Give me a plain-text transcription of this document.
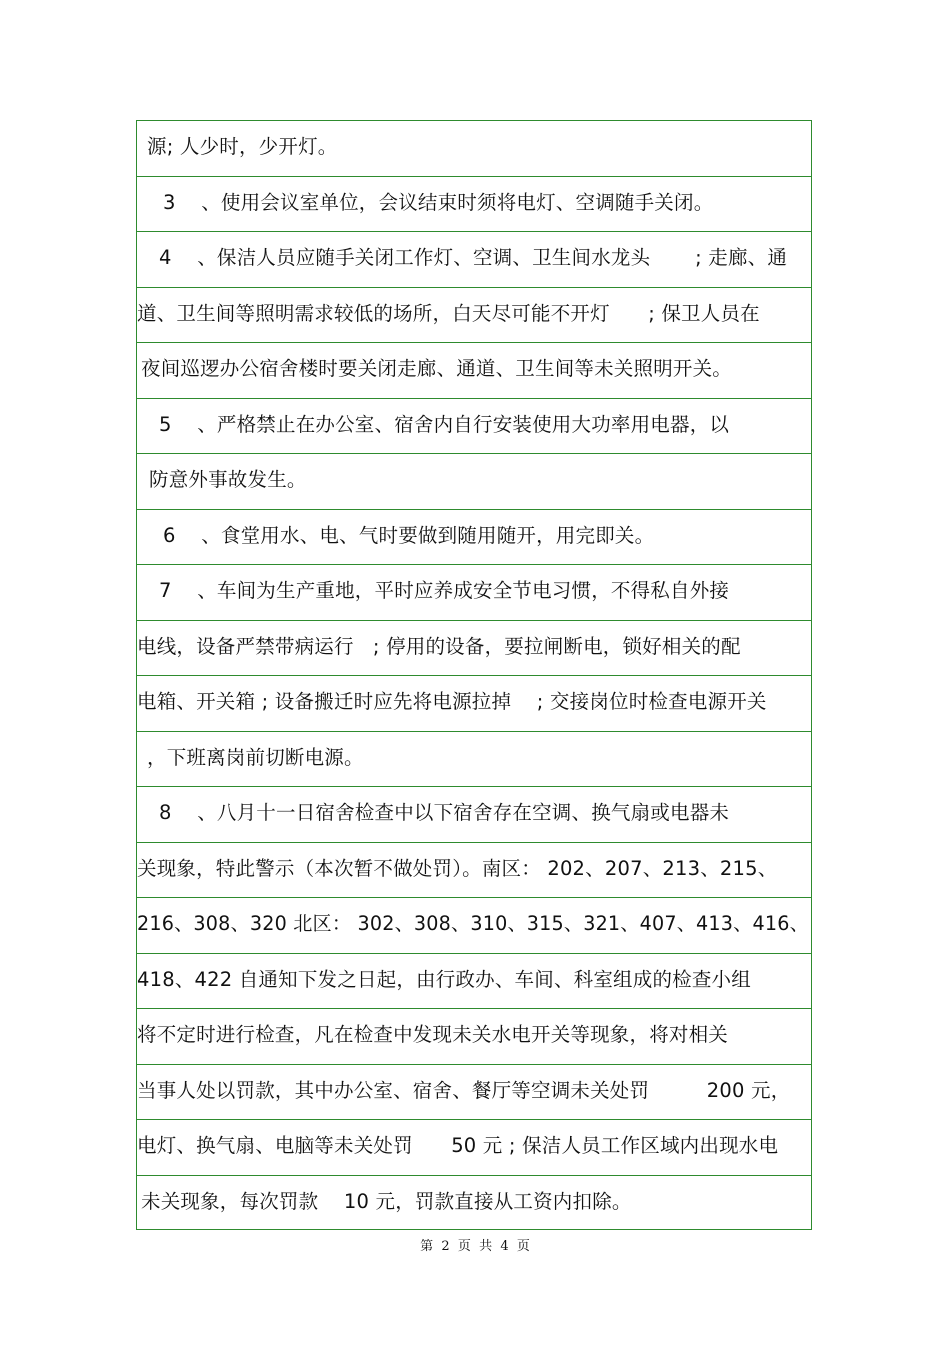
源; 人少时，少开灯。
3    、使用会议室单位，会议结束时须将电灯、空调随手关闭。
4    、保洁人员应随手关闭工作灯、空调、卫生间水龙头       ; 走廊、通
道、卫生间等照明需求较低的场所，白天尽可能不开灯      ; 保卫人员在
夜间巡逻办公宿舍楼时要关闭走廊、通道、卫生间等未关照明开关。
5    、严格禁止在办公室、宿舍内自行安装使用大功率用电器，以
防意外事故发生。
6    、食堂用水、电、气时要做到随用随开，用完即关。
7    、车间为生产重地，平时应养成安全节电习惯，不得私自外接
电线，设备严禁带病运行   ; 停用的设备，要拉闸断电，锁好相关的配
电箱、开关箱 ; 设备搬迁时应先将电源拉掉    ; 交接岗位时检查电源开关
，下班离岗前切断电源。
8    、八月十一日宿舍检查中以下宿舍存在空调、换气扇或电器未
关现象，特此警示（本次暂不做处罚）。南区： 202、207、213、215、
216、308、320 北区： 302、308、310、315、321、407、413、416、
418、422 自通知下发之日起，由行政办、车间、科室组成的检查小组
将不定时进行检查，凡在检查中发现未关水电开关等现象，将对相关
当事人处以罚款，其中办公室、宿舍、餐厅等空调未关处罚         200 元，
电灯、换气扇、电脑等未关处罚      50 元 ; 保洁人员工作区域内出现水电
未关现象，每次罚款    10 元，罚款直接从工资内扣除。
第  2  页  共  4  页
